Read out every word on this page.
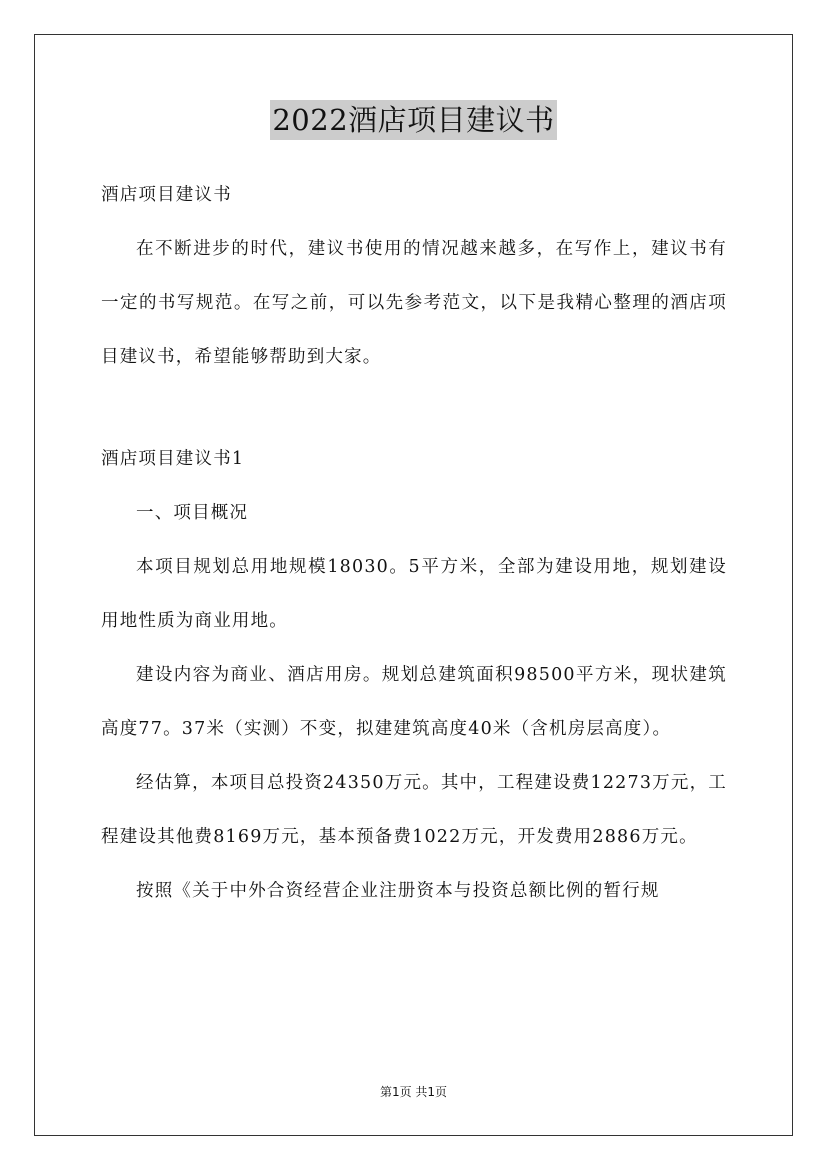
2022酒店项目建议书

酒店项目建议书

在不断进步的时代，建议书使用的情况越来越多，在写作上，建议书有一定的书写规范。在写之前，可以先参考范文，以下是我精心整理的酒店项目建议书，希望能够帮助到大家。

酒店项目建议书1

一、项目概况

本项目规划总用地规模18030。5平方米，全部为建设用地，规划建设用地性质为商业用地。

建设内容为商业、酒店用房。规划总建筑面积98500平方米，现状建筑高度77。37米（实测）不变，拟建建筑高度40米（含机房层高度）。

经估算，本项目总投资24350万元。其中，工程建设费12273万元，工程建设其他费8169万元，基本预备费1022万元，开发费用2886万元。

按照《关于中外合资经营企业注册资本与投资总额比例的暂行规

第1页 共1页
